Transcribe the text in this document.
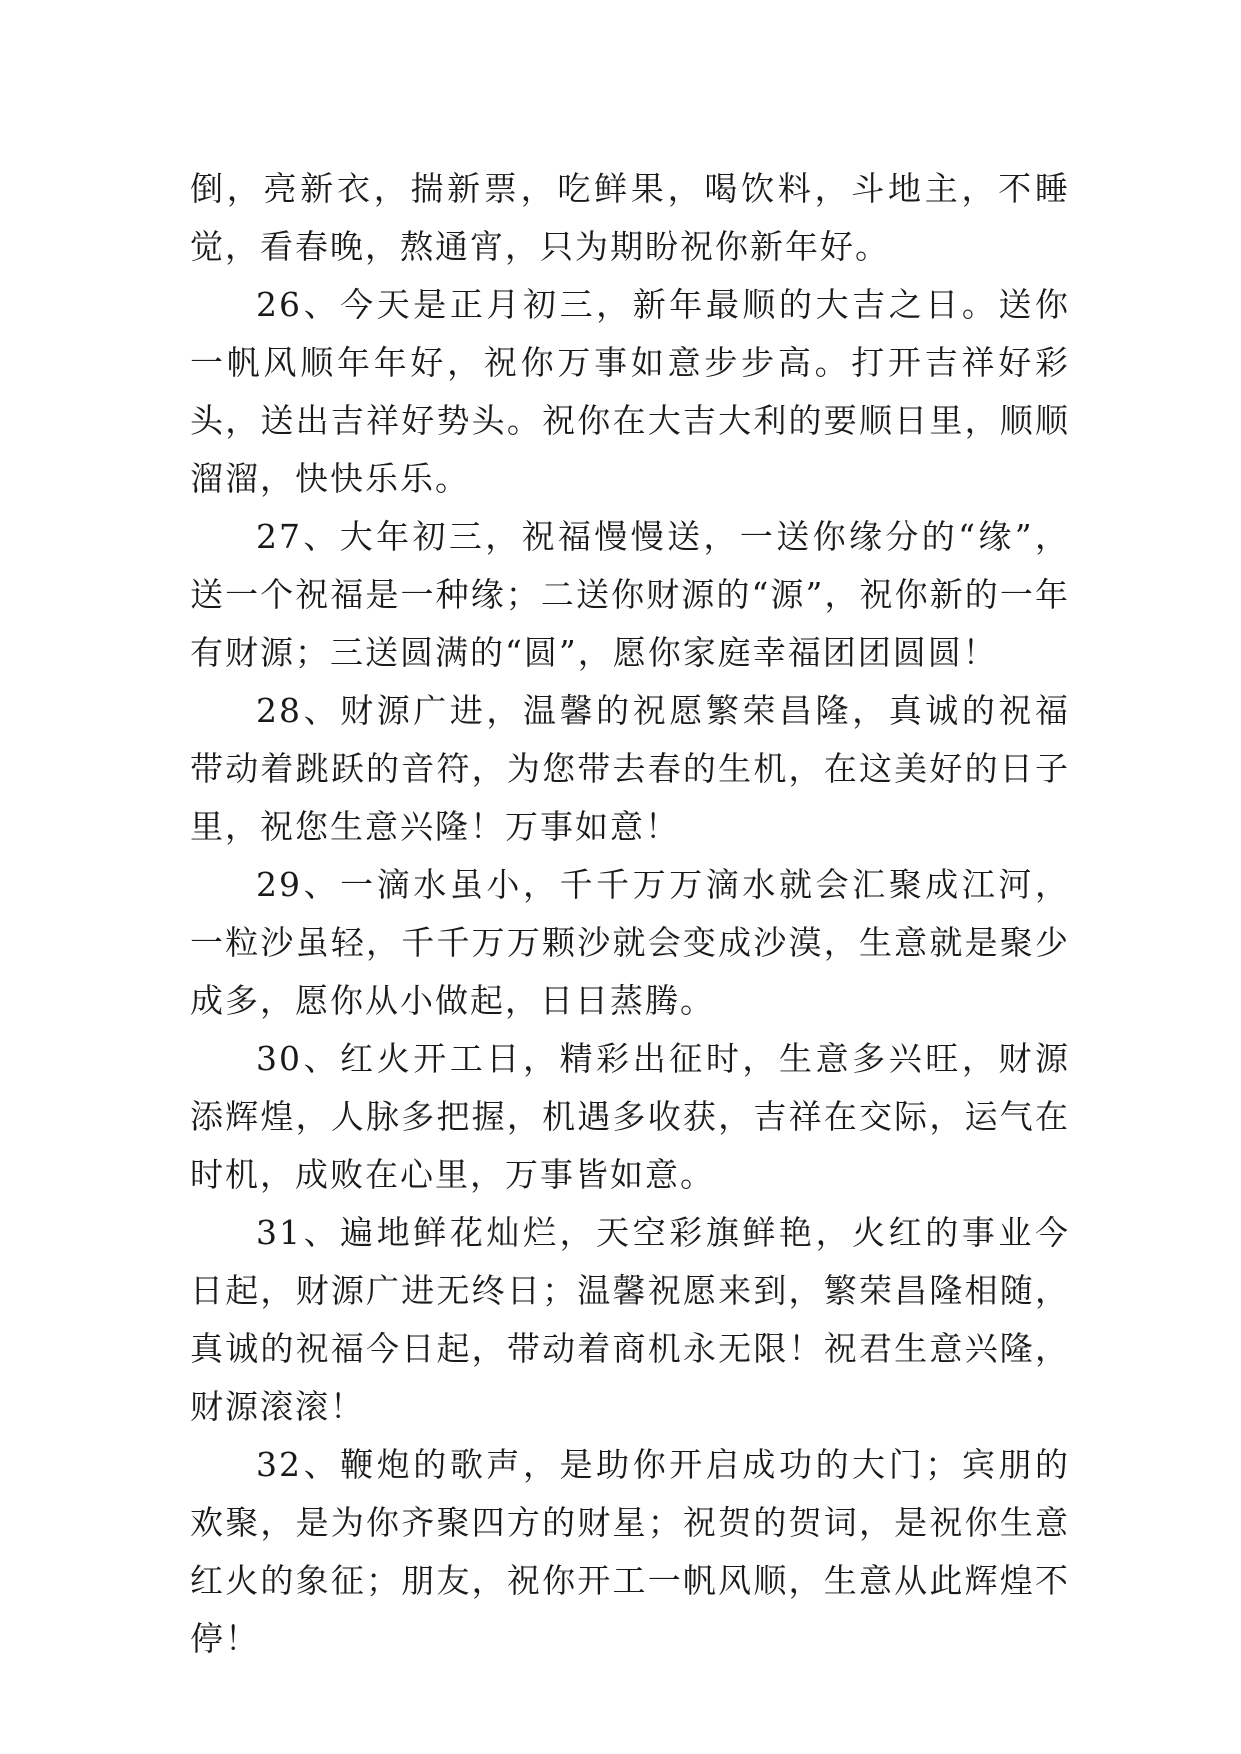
倒，亮新衣，揣新票，吃鲜果，喝饮料，斗地主，不睡觉，看春晚，熬通宵，只为期盼祝你新年好。

26、今天是正月初三，新年最顺的大吉之日。送你一帆风顺年年好，祝你万事如意步步高。打开吉祥好彩头，送出吉祥好势头。祝你在大吉大利的要顺日里，顺顺溜溜，快快乐乐。

27、大年初三，祝福慢慢送，一送你缘分的“缘”，送一个祝福是一种缘；二送你财源的“源”，祝你新的一年有财源；三送圆满的“圆”，愿你家庭幸福团团圆圆！

28、财源广进，温馨的祝愿繁荣昌隆，真诚的祝福带动着跳跃的音符，为您带去春的生机，在这美好的日子里，祝您生意兴隆！万事如意！

29、一滴水虽小，千千万万滴水就会汇聚成江河，一粒沙虽轻，千千万万颗沙就会变成沙漠，生意就是聚少成多，愿你从小做起，日日蒸腾。

30、红火开工日，精彩出征时，生意多兴旺，财源添辉煌，人脉多把握，机遇多收获，吉祥在交际，运气在时机，成败在心里，万事皆如意。

31、遍地鲜花灿烂，天空彩旗鲜艳，火红的事业今日起，财源广进无终日；温馨祝愿来到，繁荣昌隆相随，真诚的祝福今日起，带动着商机永无限！祝君生意兴隆，财源滚滚！

32、鞭炮的歌声，是助你开启成功的大门；宾朋的欢聚，是为你齐聚四方的财星；祝贺的贺词，是祝你生意红火的象征；朋友，祝你开工一帆风顺，生意从此辉煌不停！
